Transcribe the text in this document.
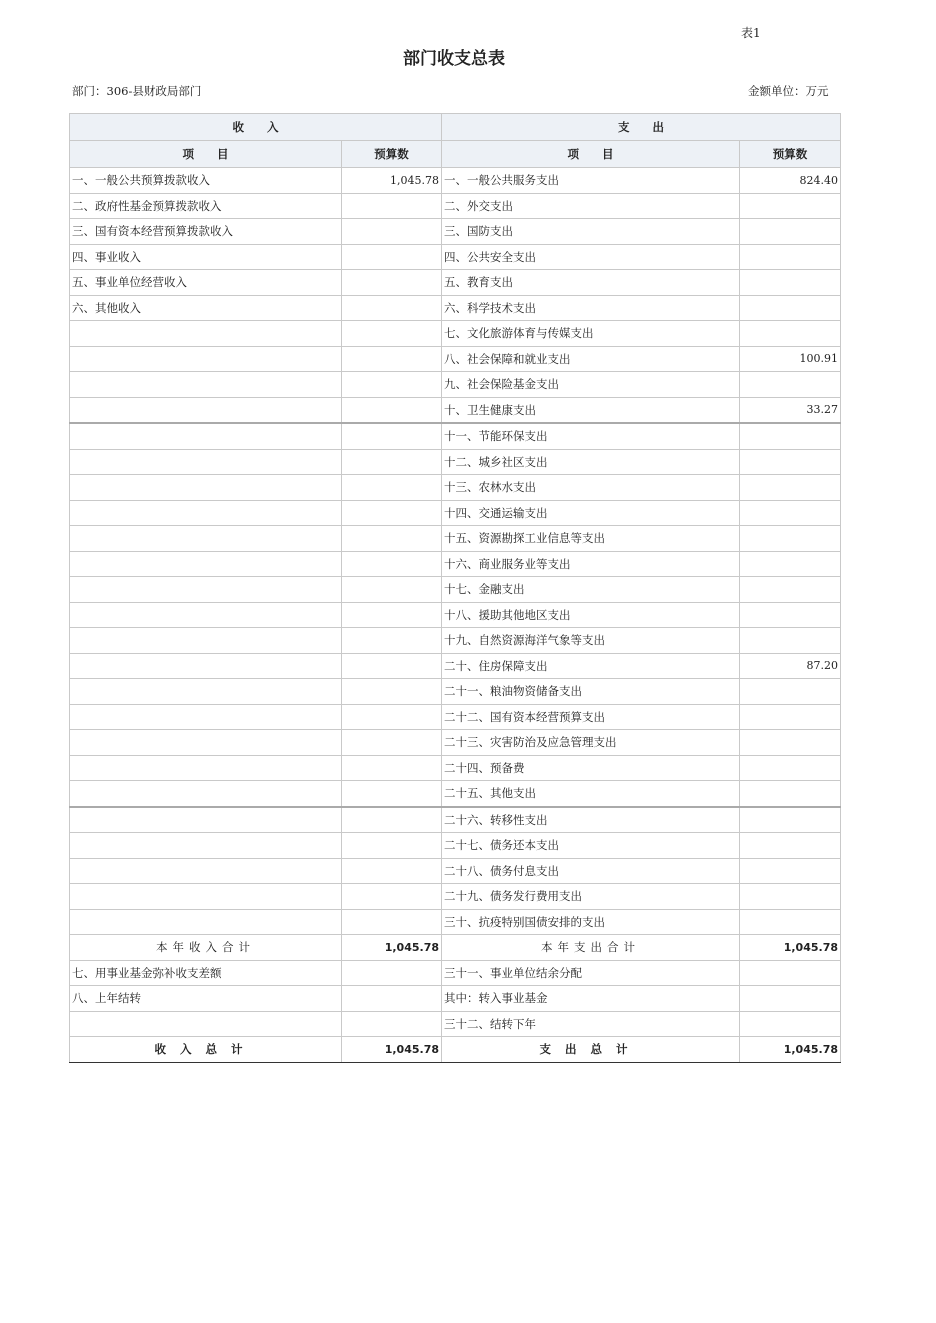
表1
部门收支总表
部门：306-县财政局部门	金额单位：万元
收　　入		支　　出	
项　　目	预算数	项　　目	预算数
一、一般公共预算拨款收入	1,045.78	一、一般公共服务支出	824.40
二、政府性基金预算拨款收入		二、外交支出	
三、国有资本经营预算拨款收入		三、国防支出	
四、事业收入		四、公共安全支出	
五、事业单位经营收入		五、教育支出	
六、其他收入		六、科学技术支出	
		七、文化旅游体育与传媒支出	
		八、社会保障和就业支出	100.91
		九、社会保险基金支出	
		十、卫生健康支出	33.27
		十一、节能环保支出	
		十二、城乡社区支出	
		十三、农林水支出	
		十四、交通运输支出	
		十五、资源勘探工业信息等支出	
		十六、商业服务业等支出	
		十七、金融支出	
		十八、援助其他地区支出	
		十九、自然资源海洋气象等支出	
		二十、住房保障支出	87.20
		二十一、粮油物资储备支出	
		二十二、国有资本经营预算支出	
		二十三、灾害防治及应急管理支出	
		二十四、预备费	
		二十五、其他支出	
		二十六、转移性支出	
		二十七、债务还本支出	
		二十八、债务付息支出	
		二十九、债务发行费用支出	
		三十、抗疫特别国债安排的支出	
本年收入合计	1,045.78	本年支出合计	1,045.78
七、用事业基金弥补收支差额		三十一、事业单位结余分配	
八、上年结转		其中：转入事业基金	
		三十二、结转下年	
收入总计	1,045.78	支出总计	1,045.78
